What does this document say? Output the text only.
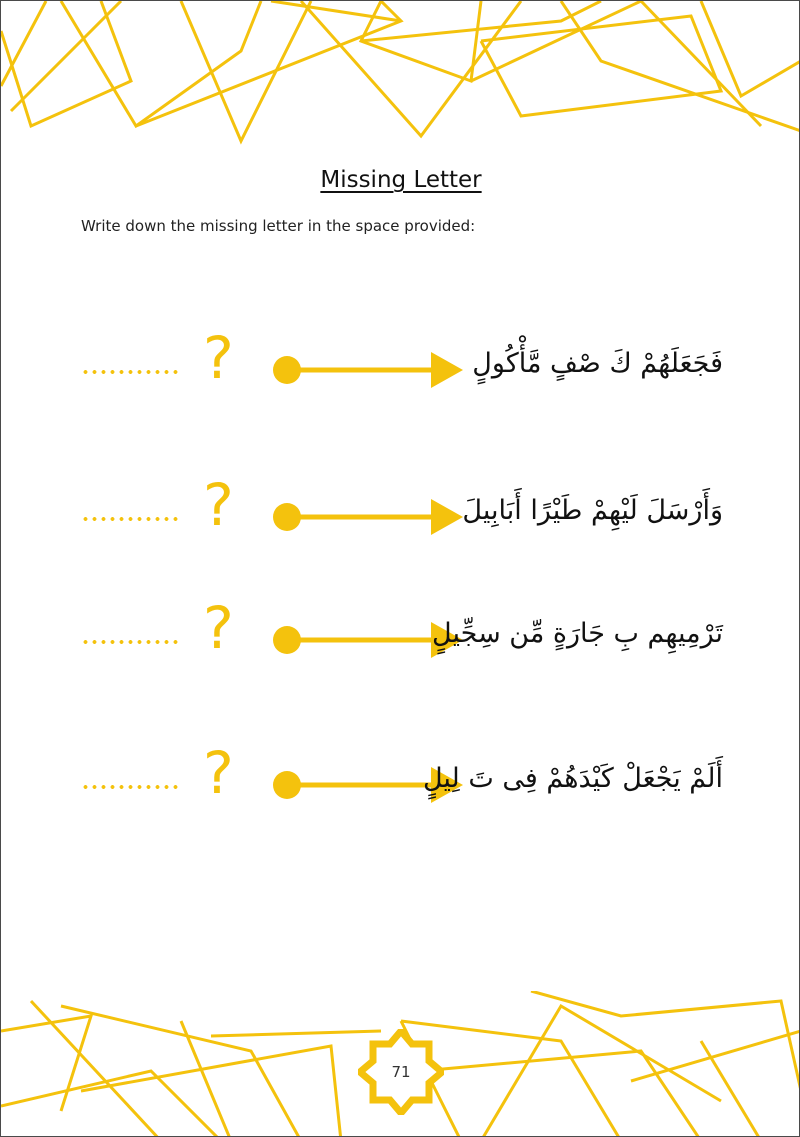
Missing Letter
Write down the missing letter in the space provided:
?	فَجَعَلَهُمْ كَ صْفٍ مَّأْكُولٍ
?	وَأَرْسَلَ لَيْهِمْ طَيْرًا أَبَابِيلَ
?	تَرْمِيهِم بِ جَارَةٍ مِّن سِجِّيلٍ
?	أَلَمْ يَجْعَلْ كَيْدَهُمْ فِى تَ لِيلٍ
71
